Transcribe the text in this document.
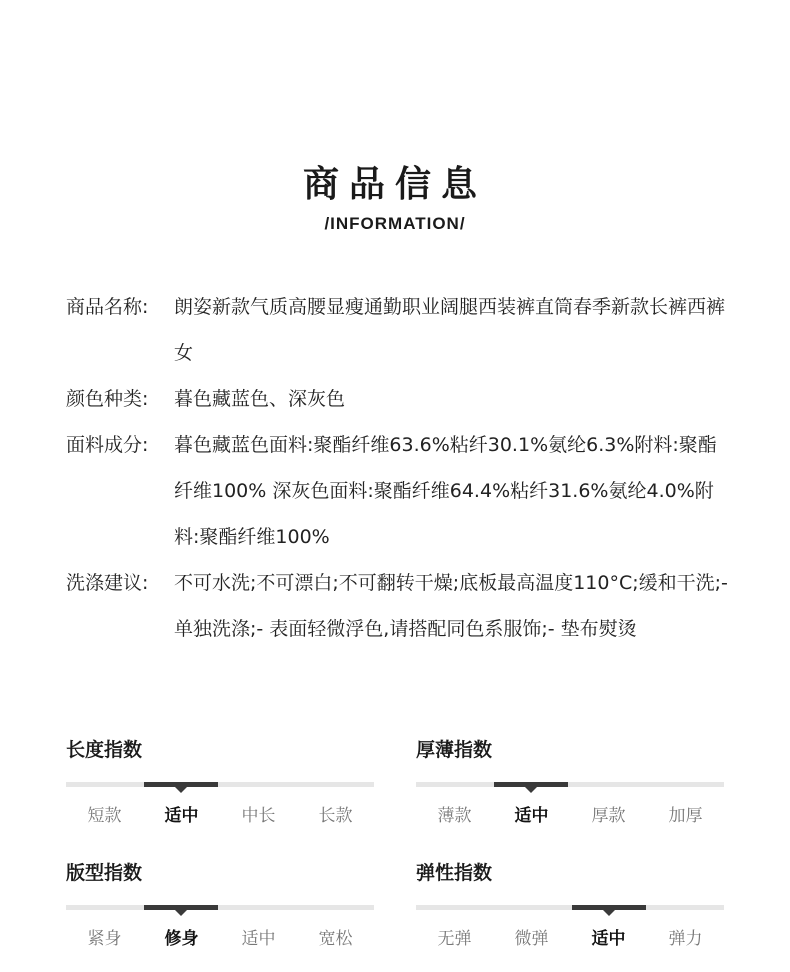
商品信息
/INFORMATION/
商品名称:	朗姿新款气质高腰显瘦通勤职业阔腿西装裤直筒春季新款长裤西裤女
颜色种类:	暮色藏蓝色、深灰色
面料成分:	暮色藏蓝色面料:聚酯纤维63.6%粘纤30.1%氨纶6.3%附料:聚酯纤维100% 深灰色面料:聚酯纤维64.4%粘纤31.6%氨纶4.0%附料:聚酯纤维100%
洗涤建议:	不可水洗;不可漂白;不可翻转干燥;底板最高温度110°C;缓和干洗;- 单独洗涤;- 表面轻微浮色,请搭配同色系服饰;- 垫布熨烫
长度指数
短款	适中	中长	长款
厚薄指数
薄款	适中	厚款	加厚
版型指数
紧身	修身	适中	宽松
弹性指数
无弹	微弹	适中	弹力
